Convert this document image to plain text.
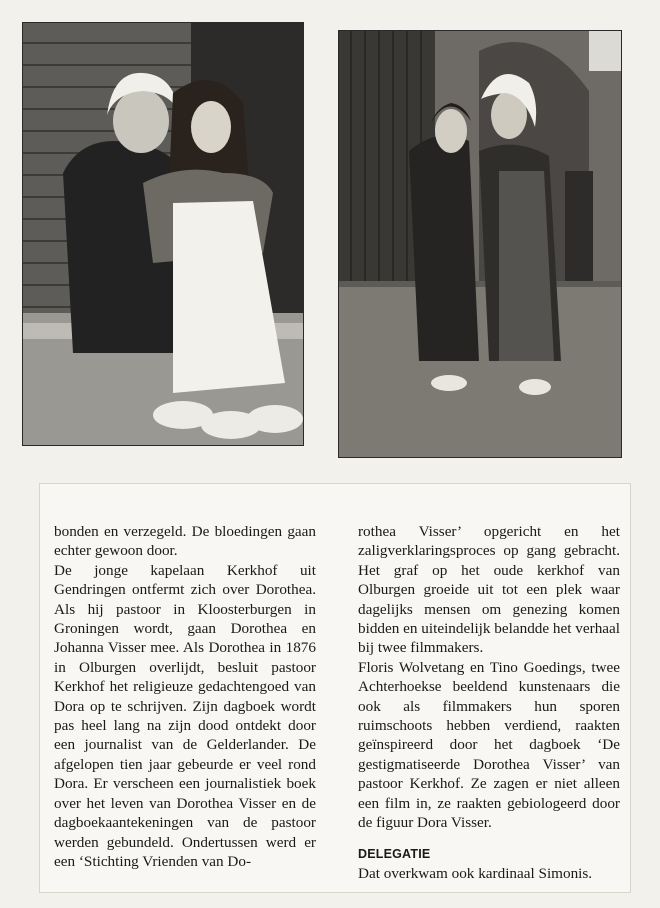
bonden en verzegeld. De bloedingen gaan echter gewoon door.

De jonge kapelaan Kerkhof uit Gendringen ontfermt zich over Dorothea. Als hij pastoor in Kloosterburgen in Groningen wordt, gaan Dorothea en Johanna Visser mee. Als Dorothea in 1876 in Olburgen overlijdt, besluit pastoor Kerkhof het religieuze gedachtengoed van Dora op te schrijven. Zijn dagboek wordt pas heel lang na zijn dood ontdekt door een journalist van de Gelderlander. De afgelopen tien jaar gebeurde er veel rond Dora. Er verscheen een journalistiek boek over het leven van Dorothea Visser en de dagboekaantekeningen van de pastoor werden gebundeld. Ondertussen werd er een ‘Stichting Vrienden van Do-

rothea Visser’ opgericht en het zaligverklaringsproces op gang gebracht. Het graf op het oude kerkhof van Olburgen groeide uit tot een plek waar dagelijks mensen om genezing komen bidden en uiteindelijk belandde het verhaal bij twee filmmakers.

Floris Wolvetang en Tino Goedings, twee Achterhoekse beeldend kunstenaars die ook als filmmakers hun sporen ruimschoots hebben verdiend, raakten geïnspireerd door het dagboek ‘De gestigmatiseerde Dorothea Visser’ van pastoor Kerkhof. Ze zagen er niet alleen een film in, ze raakten gebiologeerd door de figuur Dora Visser.

DELEGATIE

Dat overkwam ook kardinaal Simonis.
